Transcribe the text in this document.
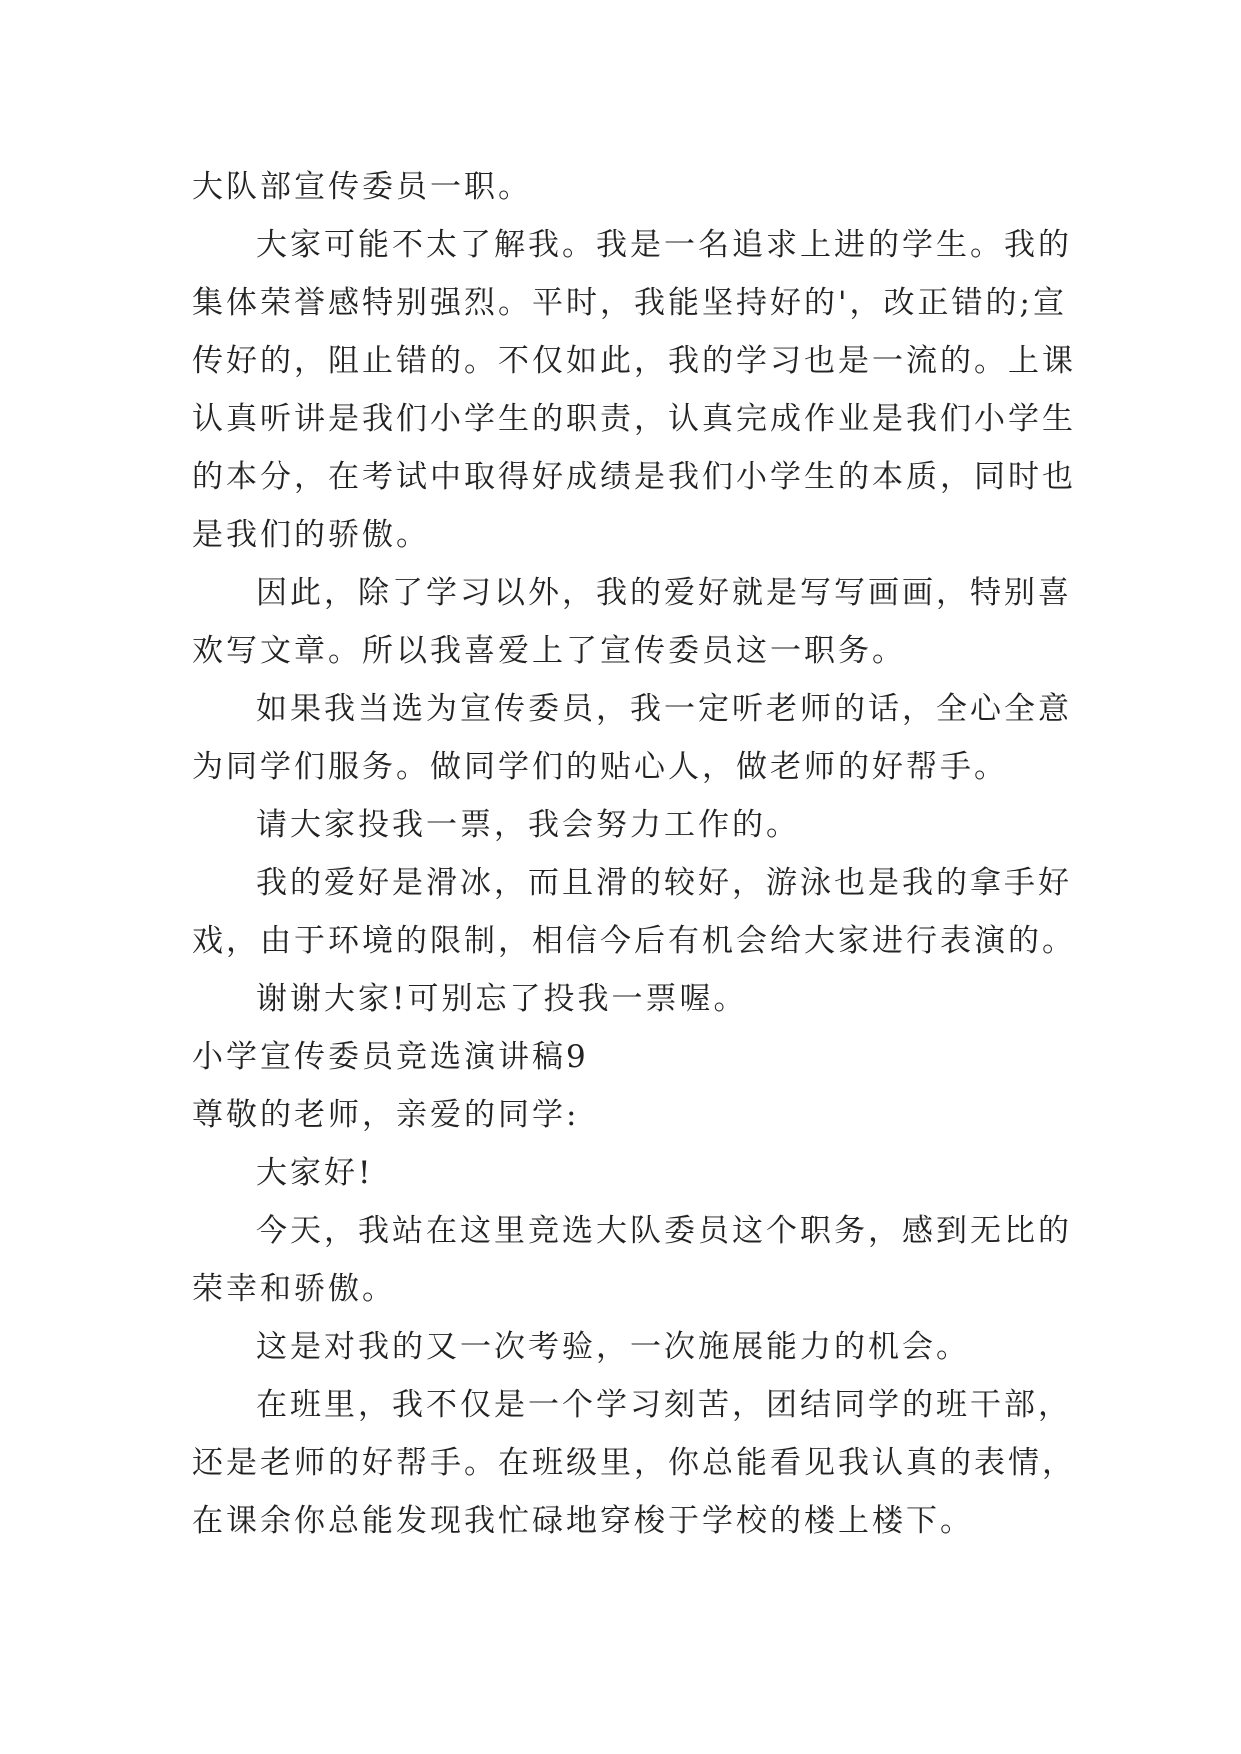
大队部宣传委员一职。
大家可能不太了解我。我是一名追求上进的学生。我的
集体荣誉感特别强烈。平时，我能坚持好的'，改正错的;宣
传好的，阻止错的。不仅如此，我的学习也是一流的。上课
认真听讲是我们小学生的职责，认真完成作业是我们小学生
的本分，在考试中取得好成绩是我们小学生的本质，同时也
是我们的骄傲。
因此，除了学习以外，我的爱好就是写写画画，特别喜
欢写文章。所以我喜爱上了宣传委员这一职务。
如果我当选为宣传委员，我一定听老师的话，全心全意
为同学们服务。做同学们的贴心人，做老师的好帮手。
请大家投我一票，我会努力工作的。
我的爱好是滑冰，而且滑的较好，游泳也是我的拿手好
戏，由于环境的限制，相信今后有机会给大家进行表演的。
谢谢大家!可别忘了投我一票喔。
小学宣传委员竞选演讲稿9
尊敬的老师，亲爱的同学:
大家好!
今天，我站在这里竞选大队委员这个职务，感到无比的
荣幸和骄傲。
这是对我的又一次考验，一次施展能力的机会。
在班里，我不仅是一个学习刻苦，团结同学的班干部，
还是老师的好帮手。在班级里，你总能看见我认真的表情，
在课余你总能发现我忙碌地穿梭于学校的楼上楼下。
